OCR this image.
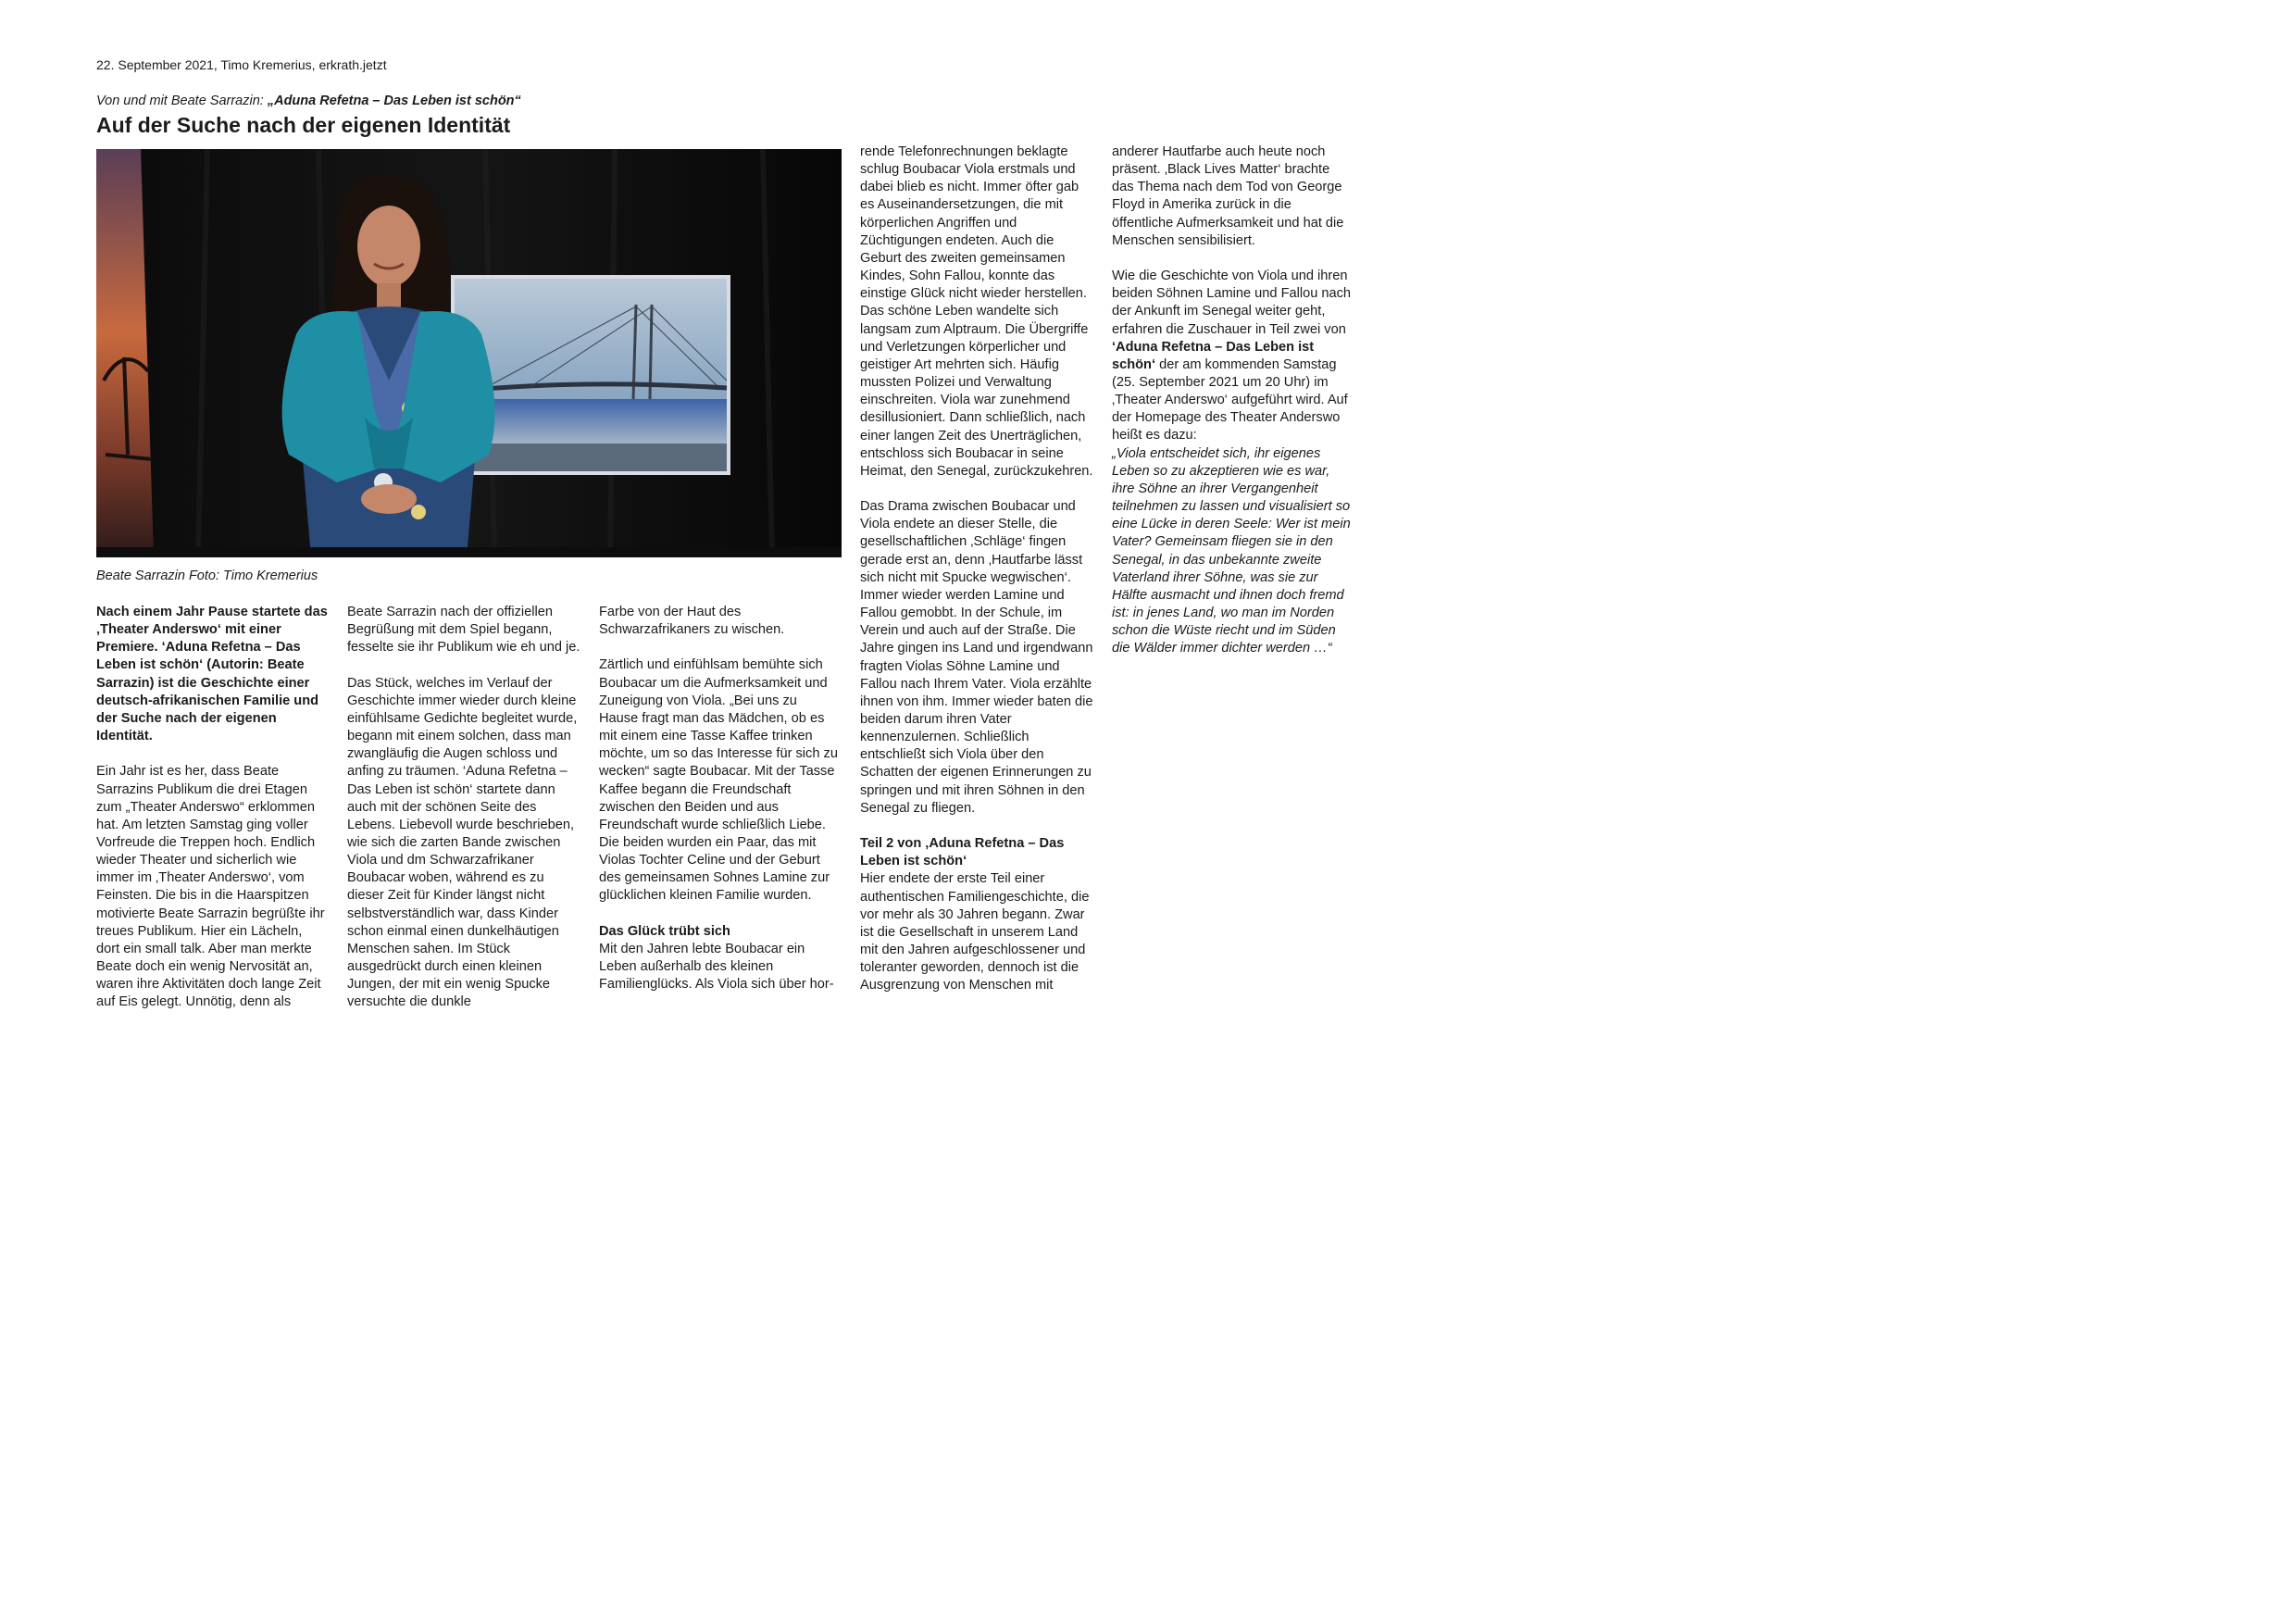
22. September 2021, Timo Kremerius, erkrath.jetzt
Von und mit Beate Sarrazin: „Aduna Refetna – Das Leben ist schön“
Auf der Suche nach der eigenen Identität
Beate Sarrazin Foto: Timo Kremerius

Nach einem Jahr Pause startete das ‚Theater Anderswo‘ mit einer Premiere. ‘Aduna Refetna – Das Leben ist schön‘ (Autorin: Beate Sarrazin) ist die Geschichte einer deutsch-afrikanischen Familie und der Suche nach der eigenen Identität.

Ein Jahr ist es her, dass Beate Sarrazins Publikum die drei Etagen zum „Theater Anderswo“ erklommen hat. Am letzten Samstag ging voller Vorfreude die Treppen hoch. Endlich wieder Theater und sicherlich wie immer im ‚Theater Anderswo‘, vom Feinsten. Die bis in die Haarspitzen motivierte Beate Sarrazin begrüßte ihr treues Publikum. Hier ein Lächeln, dort ein small talk. Aber man merkte Beate doch ein wenig Nervosität an, waren ihre Aktivitäten doch lange Zeit auf Eis gelegt. Unnötig, denn als

Beate Sarrazin nach der offiziellen Begrüßung mit dem Spiel begann, fesselte sie ihr Publikum wie eh und je.

Das Stück, welches im Verlauf der Geschichte immer wieder durch kleine einfühlsame Gedichte begleitet wurde, begann mit einem solchen, dass man zwangläufig die Augen schloss und anfing zu träumen. ‘Aduna Refetna – Das Leben ist schön‘ startete dann auch mit der schönen Seite des Lebens. Liebevoll wurde beschrieben, wie sich die zarten Bande zwischen Viola und dm Schwarzafrikaner Boubacar woben, während es zu dieser Zeit für Kinder längst nicht selbstverständlich war, dass Kinder schon einmal einen dunkelhäutigen Menschen sahen. Im Stück ausgedrückt durch einen kleinen Jungen, der mit ein wenig Spucke versuchte die dunkle

Farbe von der Haut des Schwarzafrikaners zu wischen.

Zärtlich und einfühlsam bemühte sich Boubacar um die Aufmerksamkeit und Zuneigung von Viola. „Bei uns zu Hause fragt man das Mädchen, ob es mit einem eine Tasse Kaffee trinken möchte, um so das Interesse für sich zu wecken“ sagte Boubacar. Mit der Tasse Kaffee begann die Freundschaft zwischen den Beiden und aus Freundschaft wurde schließlich Liebe. Die beiden wurden ein Paar, das mit Violas Tochter Celine und der Geburt des gemeinsamen Sohnes Lamine zur glücklichen kleinen Familie wurden.

Das Glück trübt sich

Mit den Jahren lebte Boubacar ein Leben außerhalb des kleinen Familienglücks. Als Viola sich über hor-

rende Telefonrechnungen beklagte schlug Boubacar Viola erstmals und dabei blieb es nicht. Immer öfter gab es Auseinandersetzungen, die mit körperlichen Angriffen und Züchtigungen endeten. Auch die Geburt des zweiten gemeinsamen Kindes, Sohn Fallou, konnte das einstige Glück nicht wieder herstellen. Das schöne Leben wandelte sich langsam zum Alptraum. Die Übergriffe und Verletzungen körperlicher und geistiger Art mehrten sich. Häufig mussten Polizei und Verwaltung einschreiten. Viola war zunehmend desillusioniert. Dann schließlich, nach einer langen Zeit des Unerträglichen, entschloss sich Boubacar in seine Heimat, den Senegal, zurückzukehren.

Das Drama zwischen Boubacar und Viola endete an dieser Stelle, die gesellschaftlichen ‚Schläge‘ fingen gerade erst an, denn ‚Hautfarbe lässt sich nicht mit Spucke wegwischen‘. Immer wieder werden Lamine und Fallou gemobbt. In der Schule, im Verein und auch auf der Straße. Die Jahre gingen ins Land und irgendwann fragten Violas Söhne Lamine und Fallou nach Ihrem Vater. Viola erzählte ihnen von ihm. Immer wieder baten die beiden darum ihren Vater kennenzulernen. Schließlich entschließt sich Viola über den Schatten der eigenen Erinnerungen zu springen und mit ihren Söhnen in den Senegal zu fliegen.

Teil 2 von ‚Aduna Refetna – Das Leben ist schön‘

Hier endete der erste Teil einer authentischen Familiengeschichte, die vor mehr als 30 Jahren begann. Zwar ist die Gesellschaft in unserem Land mit den Jahren aufgeschlossener und toleranter geworden, dennoch ist die Ausgrenzung von Menschen mit

anderer Hautfarbe auch heute noch präsent. ‚Black Lives Matter‘ brachte das Thema nach dem Tod von George Floyd in Amerika zurück in die öffentliche Aufmerksamkeit und hat die Menschen sensibilisiert.

Wie die Geschichte von Viola und ihren beiden Söhnen Lamine und Fallou nach der Ankunft im Senegal weiter geht, erfahren die Zuschauer in Teil zwei von ‘Aduna Refetna – Das Leben ist schön‘ der am kommenden Samstag (25. September 2021 um 20 Uhr) im ‚Theater Anderswo‘ aufgeführt wird. Auf der Homepage des Theater Anderswo heißt es dazu:

„Viola entscheidet sich, ihr eigenes Leben so zu akzeptieren wie es war, ihre Söhne an ihrer Vergangenheit teilnehmen zu lassen und visualisiert so eine Lücke in deren Seele: Wer ist mein Vater? Gemeinsam fliegen sie in den Senegal, in das unbekannte zweite Vaterland ihrer Söhne, was sie zur Hälfte ausmacht und ihnen doch fremd ist: in jenes Land, wo man im Norden schon die Wüste riecht und im Süden die Wälder immer dichter werden …“
